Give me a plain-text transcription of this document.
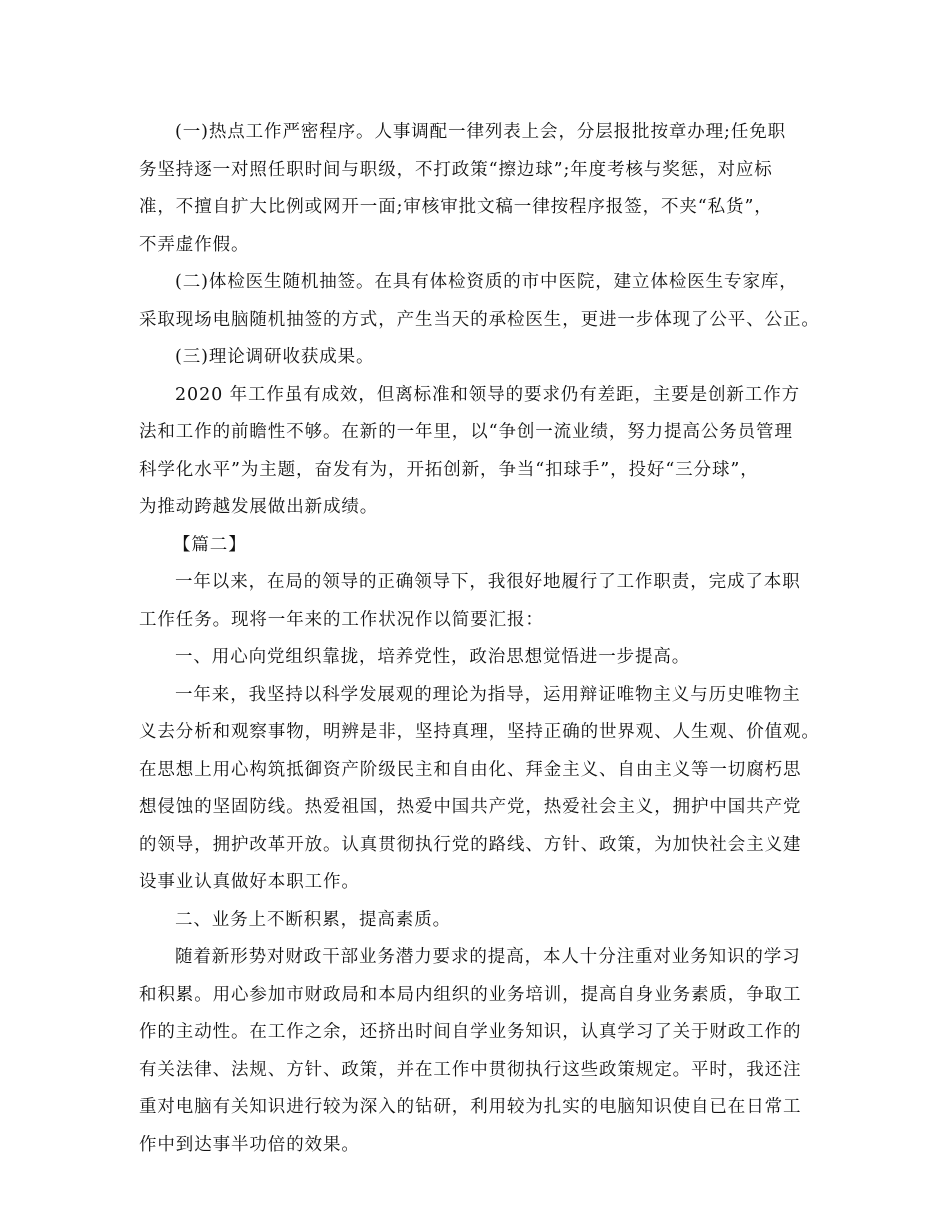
(一)热点工作严密程序。人事调配一律列表上会，分层报批按章办理;任免职
务坚持逐一对照任职时间与职级，不打政策“擦边球”;年度考核与奖惩，对应标
准，不擅自扩大比例或网开一面;审核审批文稿一律按程序报签，不夹“私货”，
不弄虚作假。
(二)体检医生随机抽签。在具有体检资质的市中医院，建立体检医生专家库，
采取现场电脑随机抽签的方式，产生当天的承检医生，更进一步体现了公平、公正。
(三)理论调研收获成果。
2020 年工作虽有成效，但离标准和领导的要求仍有差距，主要是创新工作方
法和工作的前瞻性不够。在新的一年里，以“争创一流业绩，努力提高公务员管理
科学化水平”为主题，奋发有为，开拓创新，争当“扣球手”，投好“三分球”，
为推动跨越发展做出新成绩。
【篇二】
一年以来，在局的领导的正确领导下，我很好地履行了工作职责，完成了本职
工作任务。现将一年来的工作状况作以简要汇报：
一、用心向党组织靠拢，培养党性，政治思想觉悟进一步提高。
一年来，我坚持以科学发展观的理论为指导，运用辩证唯物主义与历史唯物主
义去分析和观察事物，明辨是非，坚持真理，坚持正确的世界观、人生观、价值观。
在思想上用心构筑抵御资产阶级民主和自由化、拜金主义、自由主义等一切腐朽思
想侵蚀的坚固防线。热爱祖国，热爱中国共产党，热爱社会主义，拥护中国共产党
的领导，拥护改革开放。认真贯彻执行党的路线、方针、政策，为加快社会主义建
设事业认真做好本职工作。
二、业务上不断积累，提高素质。
随着新形势对财政干部业务潜力要求的提高，本人十分注重对业务知识的学习
和积累。用心参加市财政局和本局内组织的业务培训，提高自身业务素质，争取工
作的主动性。在工作之余，还挤出时间自学业务知识，认真学习了关于财政工作的
有关法律、法规、方针、政策，并在工作中贯彻执行这些政策规定。平时，我还注
重对电脑有关知识进行较为深入的钻研，利用较为扎实的电脑知识使自已在日常工
作中到达事半功倍的效果。
